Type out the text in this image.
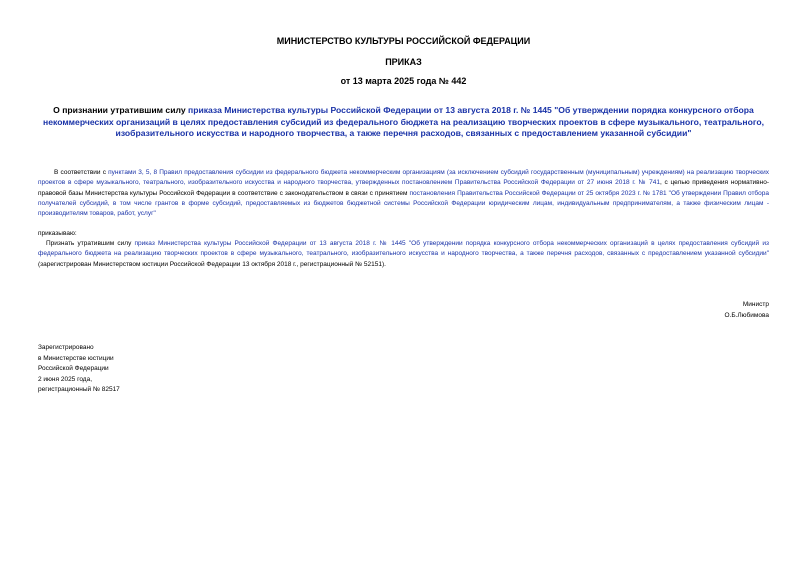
МИНИСТЕРСТВО КУЛЬТУРЫ РОССИЙСКОЙ ФЕДЕРАЦИИ
ПРИКАЗ
от 13 марта 2025 года № 442
О признании утратившим силу приказа Министерства культуры Российской Федерации от 13 августа 2018 г. № 1445 "Об утверждении порядка конкурсного отбора некоммерческих организаций в целях предоставления субсидий из федерального бюджета на реализацию творческих проектов в сфере музыкального, театрального, изобразительного искусства и народного творчества, а также перечня расходов, связанных с предоставлением указанной субсидии"
В соответствии с пунктами 3, 5, 8 Правил предоставления субсидии из федерального бюджета некоммерческим организациям (за исключением субсидий государственным (муниципальным) учреждениям) на реализацию творческих проектов в сфере музыкального, театрального, изобразительного искусства и народного творчества, утвержденных постановлением Правительства Российской Федерации от 27 июня 2018 г. № 741, с целью приведения нормативно-правовой базы Министерства культуры Российской Федерации в соответствие с законодательством в связи с принятием постановления Правительства Российской Федерации от 25 октября 2023 г. № 1781 "Об утверждении Правил отбора получателей субсидий, в том числе грантов в форме субсидий, предоставляемых из бюджетов бюджетной системы Российской Федерации юридическим лицам, индивидуальным предпринимателям, а также физическим лицам - производителям товаров, работ, услуг"
приказываю:
Признать утратившим силу приказ Министерства культуры Российской Федерации от 13 августа 2018 г. № 1445 "Об утверждении порядка конкурсного отбора некоммерческих организаций в целях предоставления субсидий из федерального бюджета на реализацию творческих проектов в сфере музыкального, театрального, изобразительного искусства и народного творчества, а также перечня расходов, связанных с предоставлением указанной субсидии" (зарегистрирован Министерством юстиции Российской Федерации 13 октября 2018 г., регистрационный № 52151).
Министр
О.Б.Любимова
Зарегистрировано
в Министерстве юстиции
Российской Федерации
2 июня 2025 года,
регистрационный № 82517
